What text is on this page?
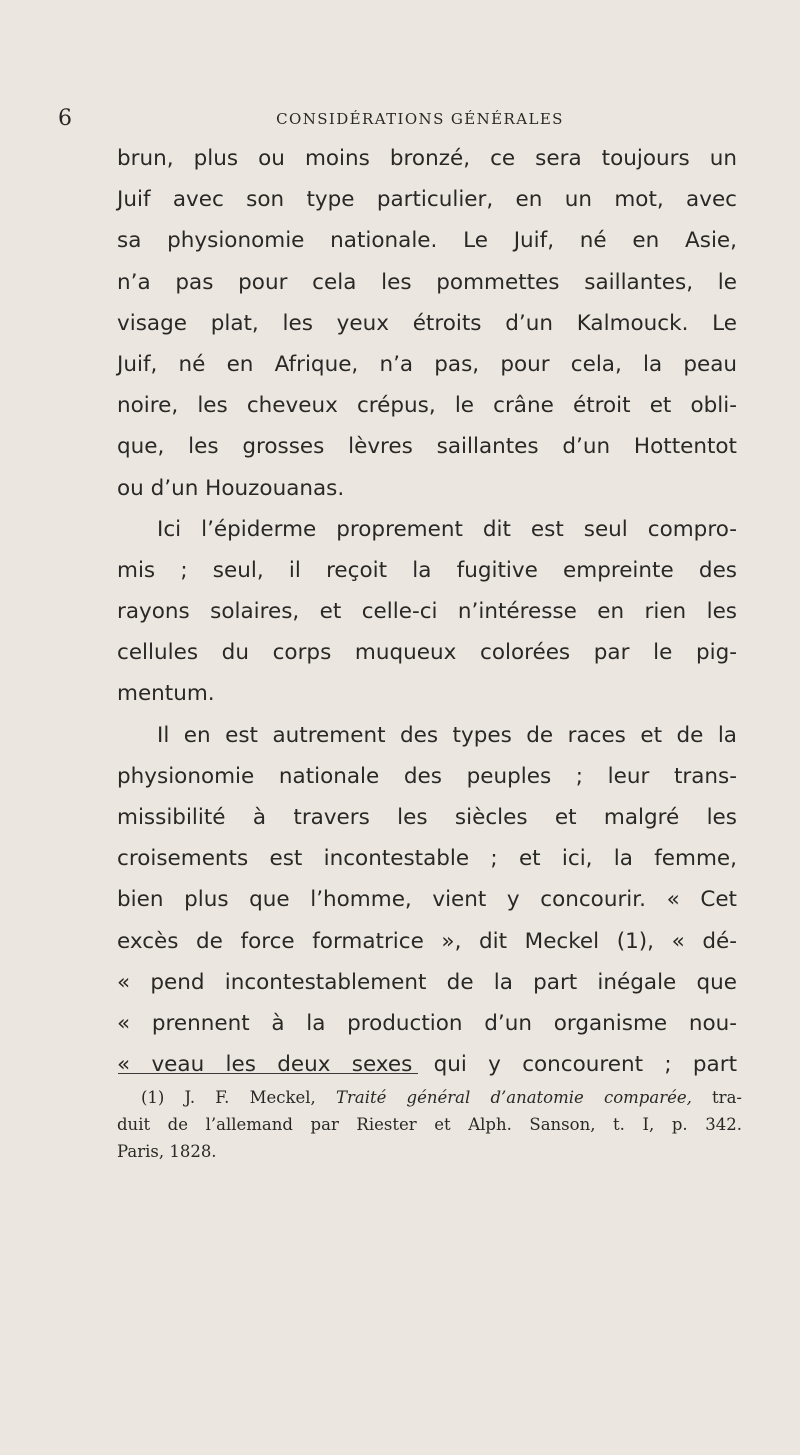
6	CONSIDÉRATIONS GÉNÉRALES
brun, plus ou moins bronzé, ce sera toujours un
Juif avec son type particulier, en un mot, avec
sa physionomie nationale. Le Juif, né en Asie,
n’a pas pour cela les pommettes saillantes, le
visage plat, les yeux étroits d’un Kalmouck. Le
Juif, né en Afrique, n’a pas, pour cela, la peau
noire, les cheveux crépus, le crâne étroit et obli-
que, les grosses lèvres saillantes d’un Hottentot
ou d’un Houzouanas.
Ici l’épiderme proprement dit est seul compro-
mis ; seul, il reçoit la fugitive empreinte des
rayons solaires, et celle-ci n’intéresse en rien les
cellules du corps muqueux colorées par le pig-
mentum.
Il en est autrement des types de races et de la
physionomie nationale des peuples ; leur trans-
missibilité à travers les siècles et malgré les
croisements est incontestable ; et ici, la femme,
bien plus que l’homme, vient y concourir. « Cet
excès de force formatrice », dit Meckel (1), « dé-
« pend incontestablement de la part inégale que
« prennent à la production d’un organisme nou-
« veau les deux sexes qui y concourent ; part
(1) J. F. Meckel, Traité général d’anatomie comparée, tra-
duit de l’allemand par Riester et Alph. Sanson, t. I, p. 342.
Paris, 1828.
